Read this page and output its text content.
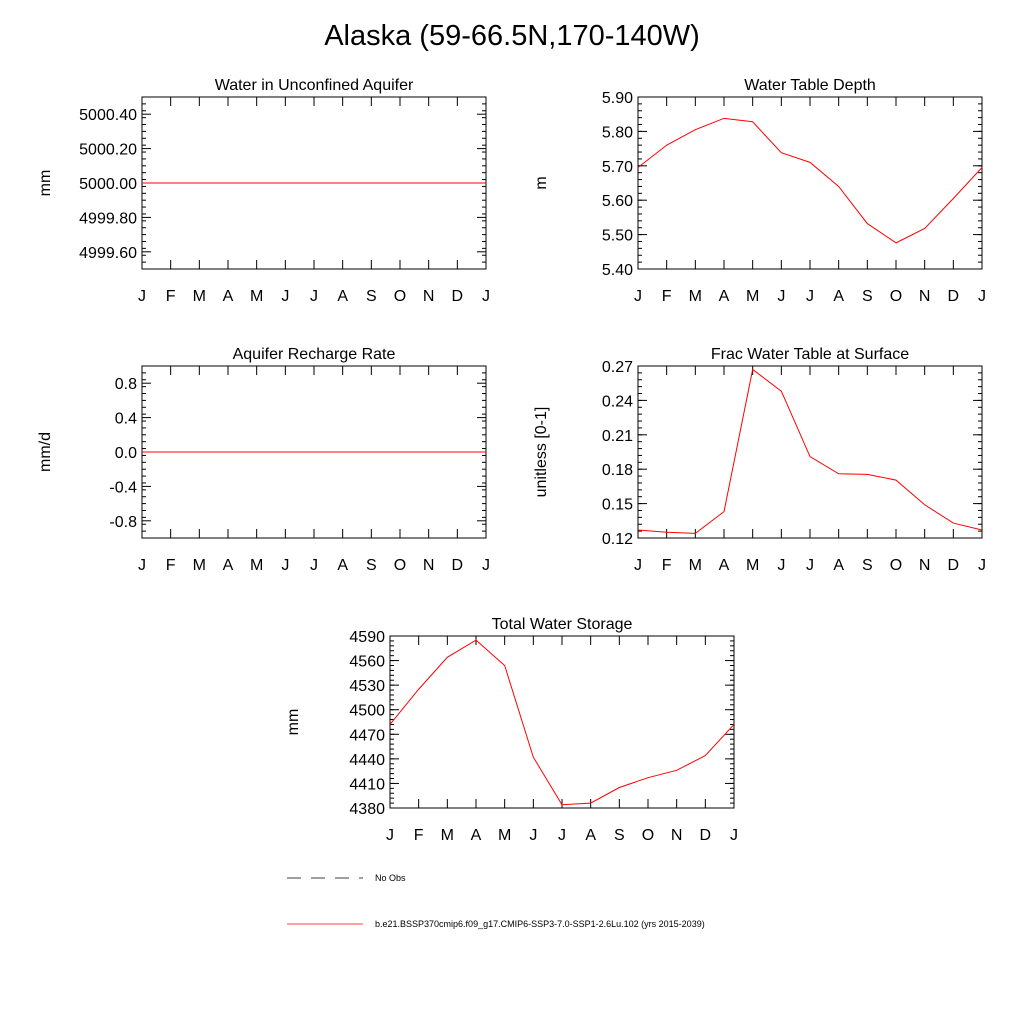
Alaska (59-66.5N,170-140W)
Water in Unconfined Aquifer
mm
J F M A M J J A S O N D J
4999.60
4999.80
5000.00
5000.20
5000.40
Water Table Depth
m
J F M A M J J A S O N D J
5.40
5.50
5.60
5.70
5.80
5.90
Aquifer Recharge Rate
mm/d
J F M A M J J A S O N D J
-0.8
-0.4
0.0
0.4
0.8
Frac Water Table at Surface
unitless [0-1]
J F M A M J J A S O N D J
0.12
0.15
0.18
0.21
0.24
0.27
Total Water Storage
mm
J F M A M J J A S O N D J
4380
4410
4440
4470
4500
4530
4560
4590
No Obs
b.e21.BSSP370cmip6.f09_g17.CMIP6-SSP3-7.0-SSP1-2.6Lu.102 (yrs 2015-2039)
